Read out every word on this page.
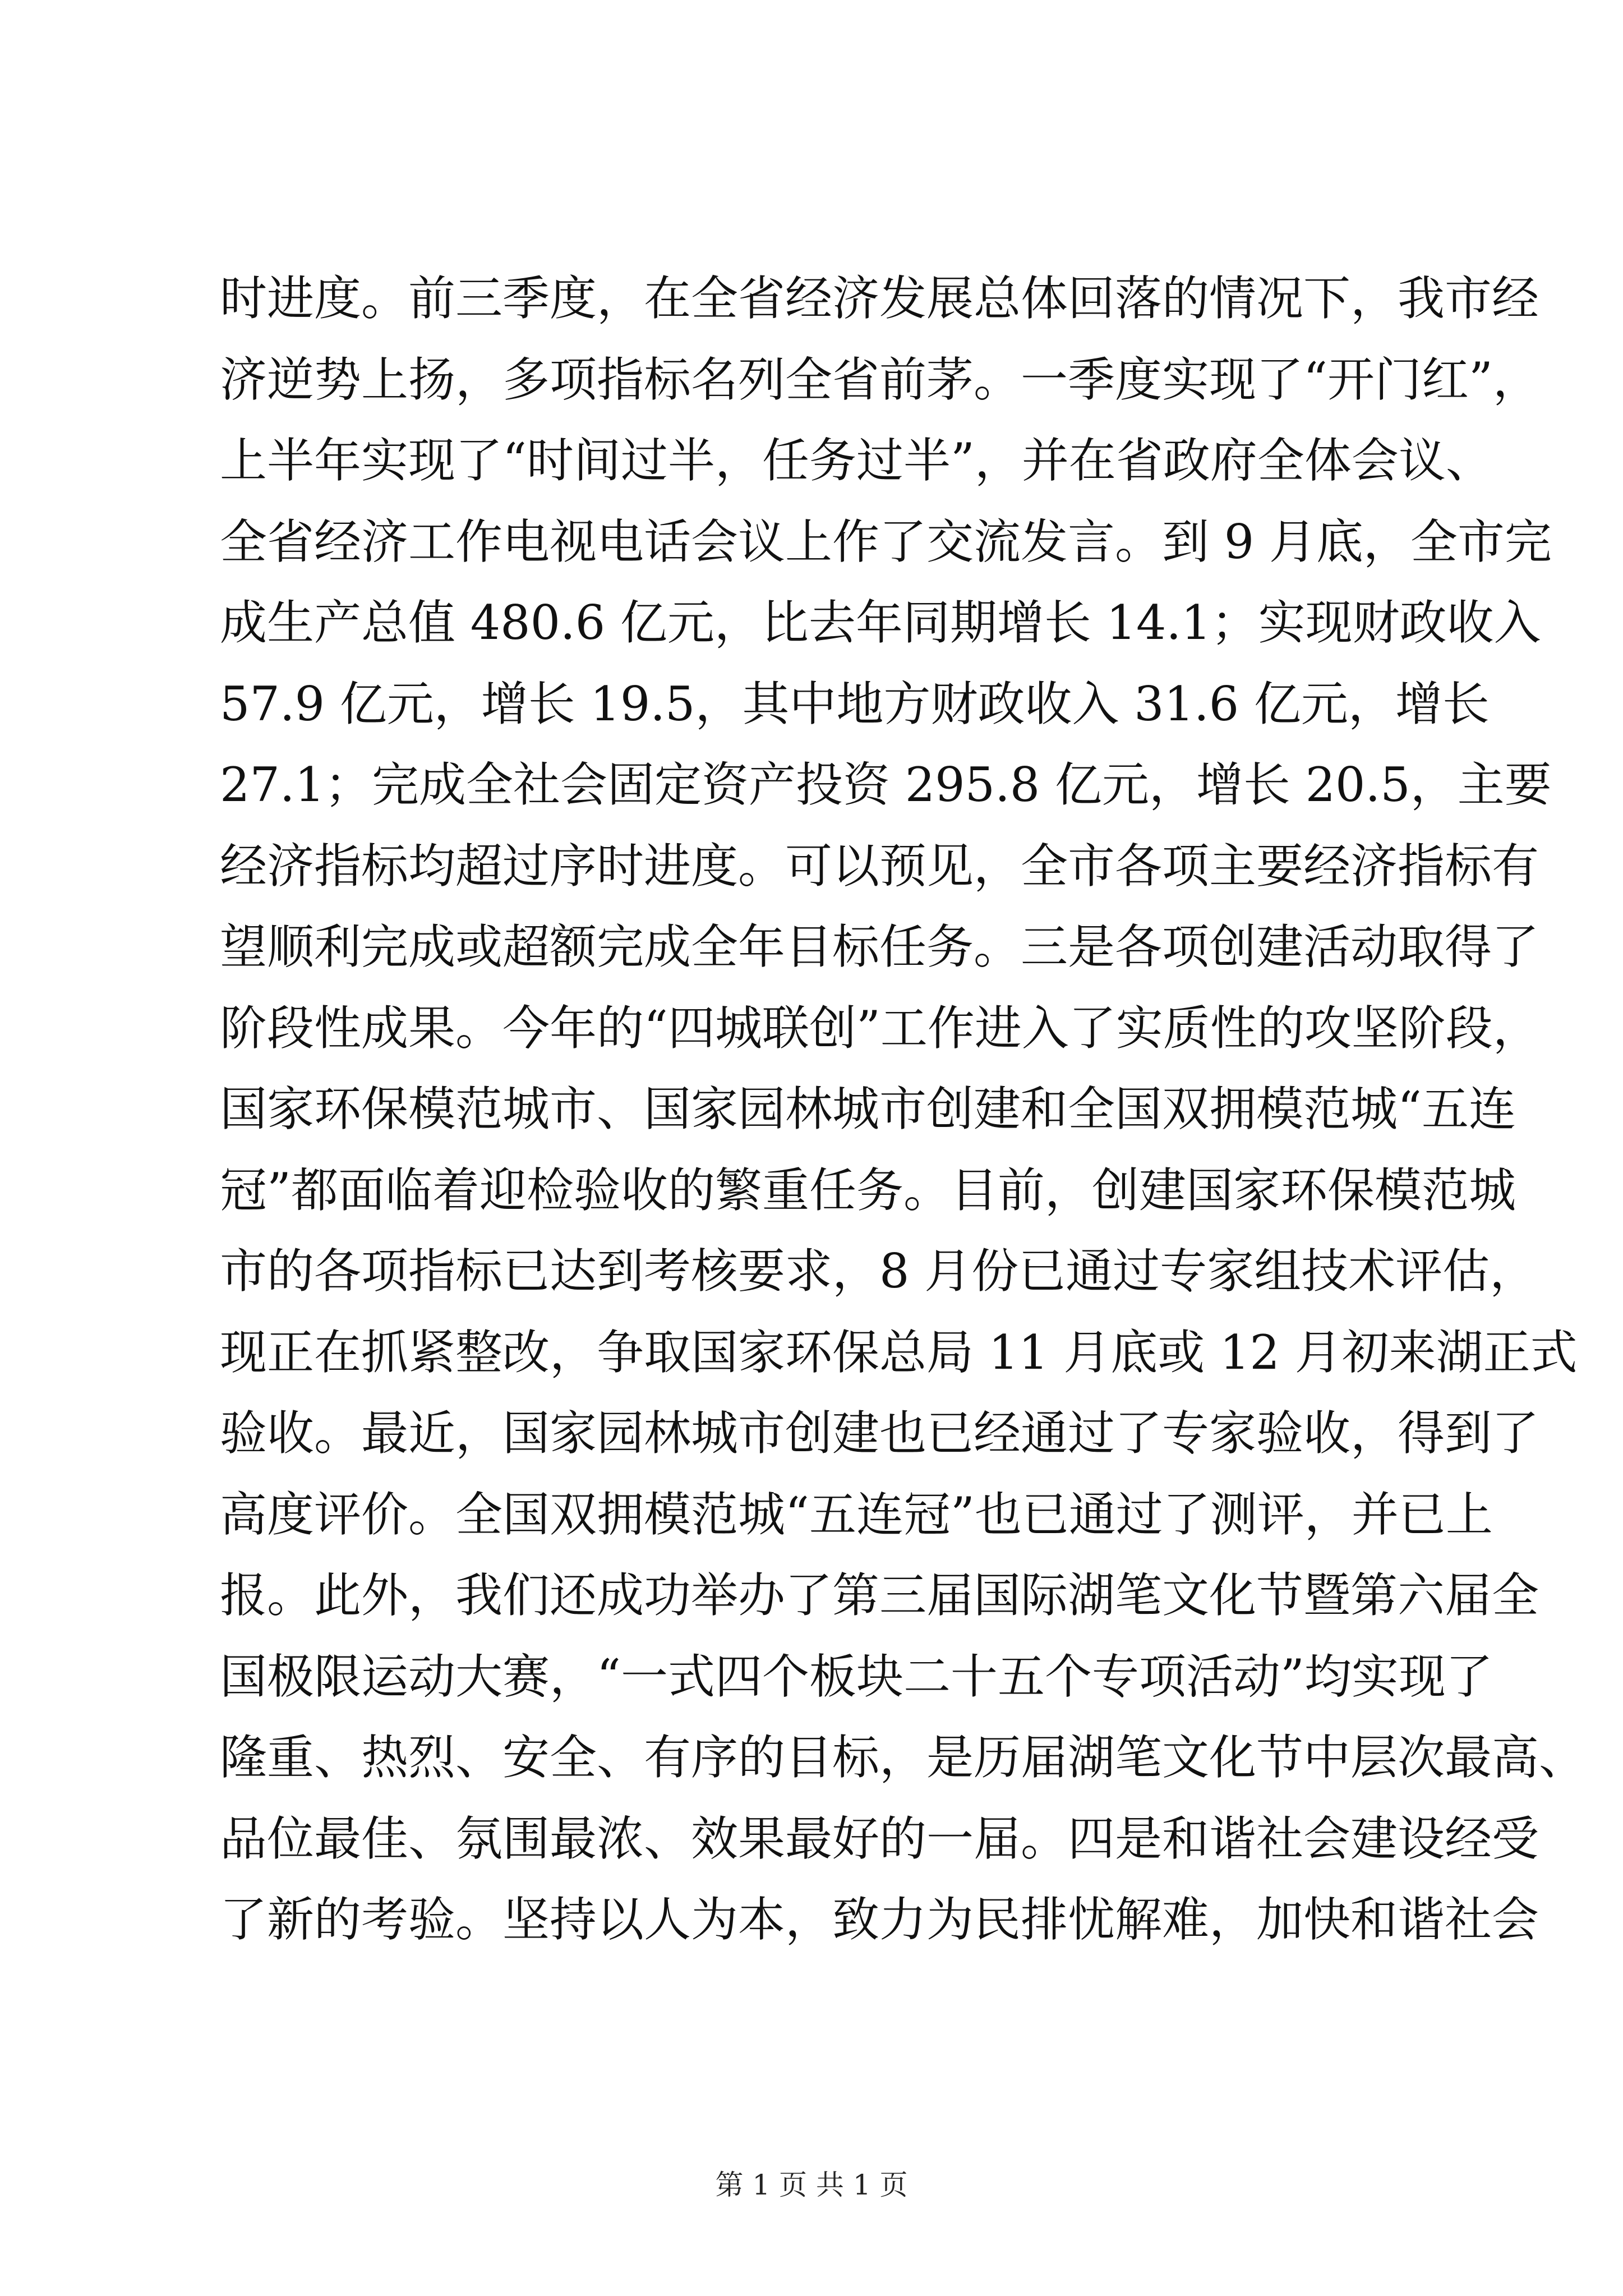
时进度。前三季度，在全省经济发展总体回落的情况下，我市经
济逆势上扬，多项指标名列全省前茅。一季度实现了“开门红”，
上半年实现了“时间过半，任务过半”，并在省政府全体会议、
全省经济工作电视电话会议上作了交流发言。到 9 月底，全市完
成生产总值 480.6 亿元，比去年同期增长 14.1；实现财政收入
57.9 亿元，增长 19.5，其中地方财政收入 31.6 亿元，增长
27.1；完成全社会固定资产投资 295.8 亿元，增长 20.5，主要
经济指标均超过序时进度。可以预见，全市各项主要经济指标有
望顺利完成或超额完成全年目标任务。三是各项创建活动取得了
阶段性成果。今年的“四城联创”工作进入了实质性的攻坚阶段，
国家环保模范城市、国家园林城市创建和全国双拥模范城“五连
冠”都面临着迎检验收的繁重任务。目前，创建国家环保模范城
市的各项指标已达到考核要求，8 月份已通过专家组技术评估，
现正在抓紧整改，争取国家环保总局 11 月底或 12 月初来湖正式
验收。最近，国家园林城市创建也已经通过了专家验收，得到了
高度评价。全国双拥模范城“五连冠”也已通过了测评，并已上
报。此外，我们还成功举办了第三届国际湖笔文化节暨第六届全
国极限运动大赛，“一式四个板块二十五个专项活动”均实现了
隆重、热烈、安全、有序的目标，是历届湖笔文化节中层次最高、
品位最佳、氛围最浓、效果最好的一届。四是和谐社会建设经受
了新的考验。坚持以人为本，致力为民排忧解难，加快和谐社会
第 1 页 共 1 页
